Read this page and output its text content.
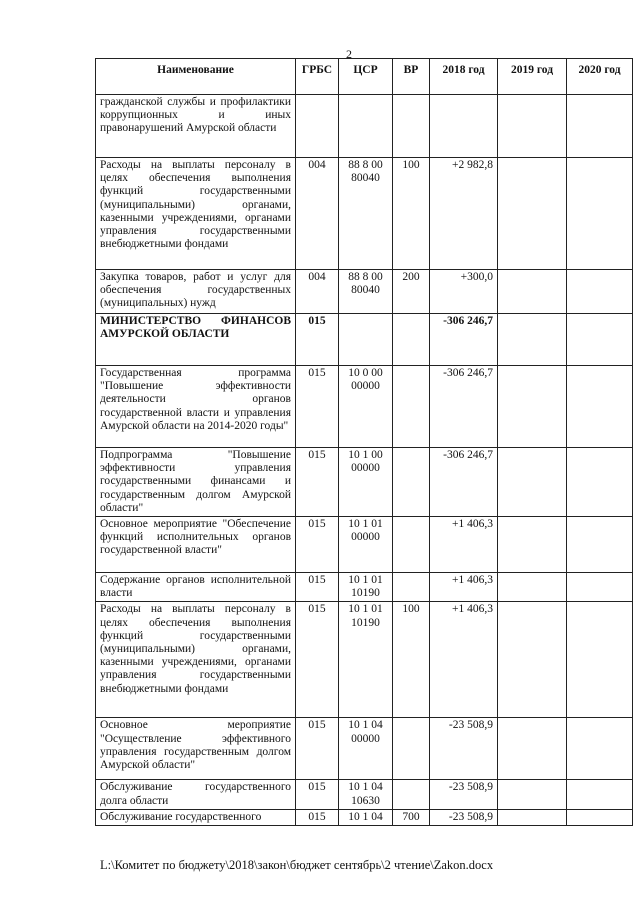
2
Наименование	ГРБС	ЦСР	ВР	2018 год	2019 год	2020 год
гражданской службы и профилактики коррупционных и иных правонарушений Амурской области						
Расходы на выплаты персоналу в целях обеспечения выполнения функций государственными (муниципальными) органами, казенными учреждениями, органами управления государственными внебюджетными фондами	004	88 8 00 80040	100	+2 982,8		
Закупка товаров, работ и услуг для обеспечения государственных (муниципальных) нужд	004	88 8 00 80040	200	+300,0		
МИНИСТЕРСТВО ФИНАНСОВ АМУРСКОЙ ОБЛАСТИ	015			-306 246,7		
Государственная программа "Повышение эффективности деятельности органов государственной власти и управления Амурской области на 2014-2020 годы"	015	10 0 00 00000		-306 246,7		
Подпрограмма "Повышение эффективности управления государственными финансами и государственным долгом Амурской области"	015	10 1 00 00000		-306 246,7		
Основное мероприятие "Обеспечение функций исполнительных органов государственной власти"	015	10 1 01 00000		+1 406,3		
Содержание органов исполнительной власти	015	10 1 01 10190		+1 406,3		
Расходы на выплаты персоналу в целях обеспечения выполнения функций государственными (муниципальными) органами, казенными учреждениями, органами управления государственными внебюджетными фондами	015	10 1 01 10190	100	+1 406,3		
Основное мероприятие "Осуществление эффективного управления государственным долгом Амурской области"	015	10 1 04 00000		-23 508,9		
Обслуживание государственного долга области	015	10 1 04 10630		-23 508,9		
Обслуживание государственного	015	10 1 04	700	-23 508,9		
L:\Комитет по бюджету\2018\закон\бюджет сентябрь\2 чтение\Zakon.docx
